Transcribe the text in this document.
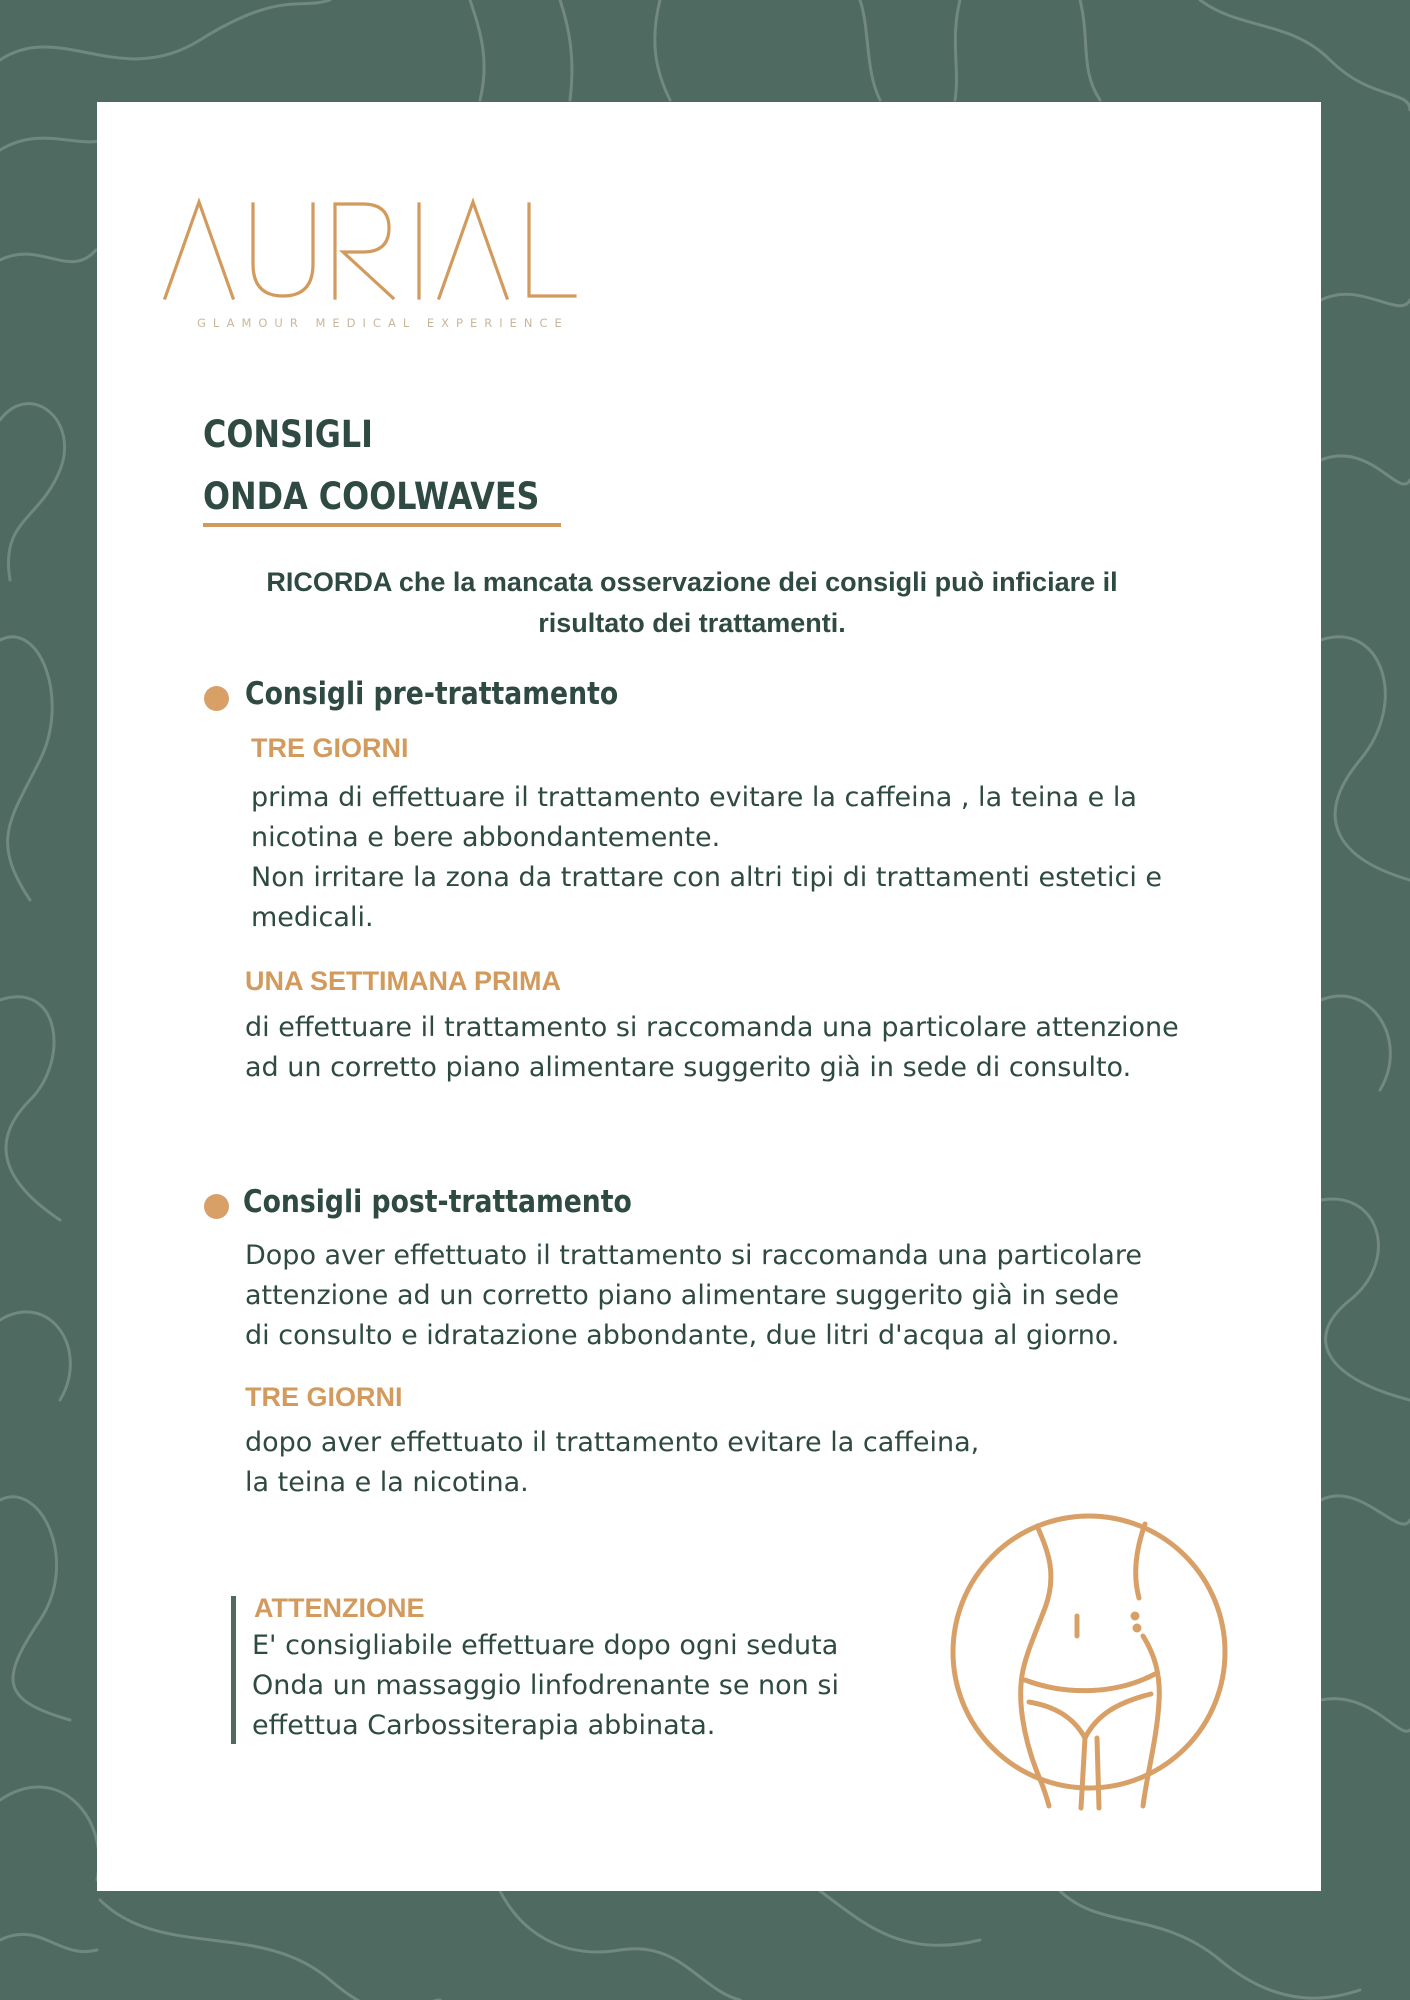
GLAMOUR MEDICAL EXPERIENCE
CONSIGLI
ONDA COOLWAVES
RICORDA che la mancata osservazione dei consigli può inficiare il risultato dei trattamenti.
Consigli pre-trattamento
TRE GIORNI
prima di effettuare il trattamento evitare la caffeina , la teina e la
nicotina e bere abbondantemente.
Non irritare la zona da trattare con altri tipi di trattamenti estetici e
medicali.
UNA SETTIMANA PRIMA
di effettuare il trattamento si raccomanda una particolare attenzione
ad un corretto piano alimentare suggerito già in sede di consulto.
Consigli post-trattamento
Dopo aver effettuato il trattamento si raccomanda una particolare
attenzione ad un corretto piano alimentare suggerito già in sede
di consulto e idratazione abbondante, due litri d'acqua al giorno.
TRE GIORNI
dopo aver effettuato il trattamento evitare la caffeina,
la teina e la nicotina.
ATTENZIONE
E' consigliabile effettuare dopo ogni seduta
Onda un massaggio linfodrenante se non si
effettua Carbossiterapia abbinata.
